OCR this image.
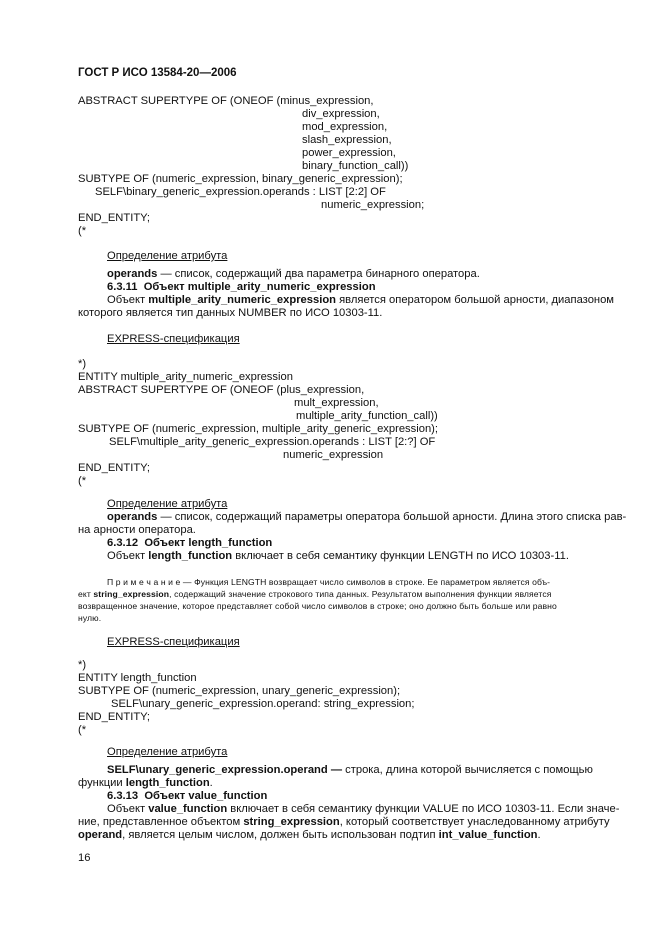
ГОСТ Р ИСО 13584-20—2006
ABSTRACT SUPERTYPE OF (ONEOF (minus_expression,
div_expression,
mod_expression,
slash_expression,
power_expression,
binary_function_call))
SUBTYPE OF (numeric_expression, binary_generic_expression);
SELF\binary_generic_expression.operands : LIST [2:2] OF
numeric_expression;
END_ENTITY;
(*
Определение атрибута
operands — список, содержащий два параметра бинарного оператора.
6.3.11 Объект multiple_arity_numeric_expression
Объект multiple_arity_numeric_expression является оператором большой арности, диапазоном
которого является тип данных NUMBER по ИСО 10303-11.
EXPRESS-спецификация
*)
ENTITY multiple_arity_numeric_expression
ABSTRACT SUPERTYPE OF (ONEOF (plus_expression,
mult_expression,
multiple_arity_function_call))
SUBTYPE OF (numeric_expression, multiple_arity_generic_expression);
SELF\multiple_arity_generic_expression.operands : LIST [2:?] OF
numeric_expression
END_ENTITY;
(*
Определение атрибута
operands — список, содержащий параметры оператора большой арности. Длина этого списка рав-
на арности оператора.
6.3.12 Объект length_function
Объект length_function включает в себя семантику функции LENGTH по ИСО 10303-11.
П р и м е ч а н и е — Функция LENGTH возвращает число символов в строке. Ее параметром является объ-
ект string_expression, содержащий значение строкового типа данных. Результатом выполнения функции является
возвращенное значение, которое представляет собой число символов в строке; оно должно быть больше или равно
нулю.
EXPRESS-спецификация
*)
ENTITY length_function
SUBTYPE OF (numeric_expression, unary_generic_expression);
SELF\unary_generic_expression.operand: string_expression;
END_ENTITY;
(*
Определение атрибута
SELF\unary_generic_expression.operand — строка, длина которой вычисляется с помощью
функции length_function.
6.3.13 Объект value_function
Объект value_function включает в себя семантику функции VALUE по ИСО 10303-11. Если значе-
ние, представленное объектом string_expression, который соответствует унаследованному атрибуту
operand, является целым числом, должен быть использован подтип int_value_function.
16
